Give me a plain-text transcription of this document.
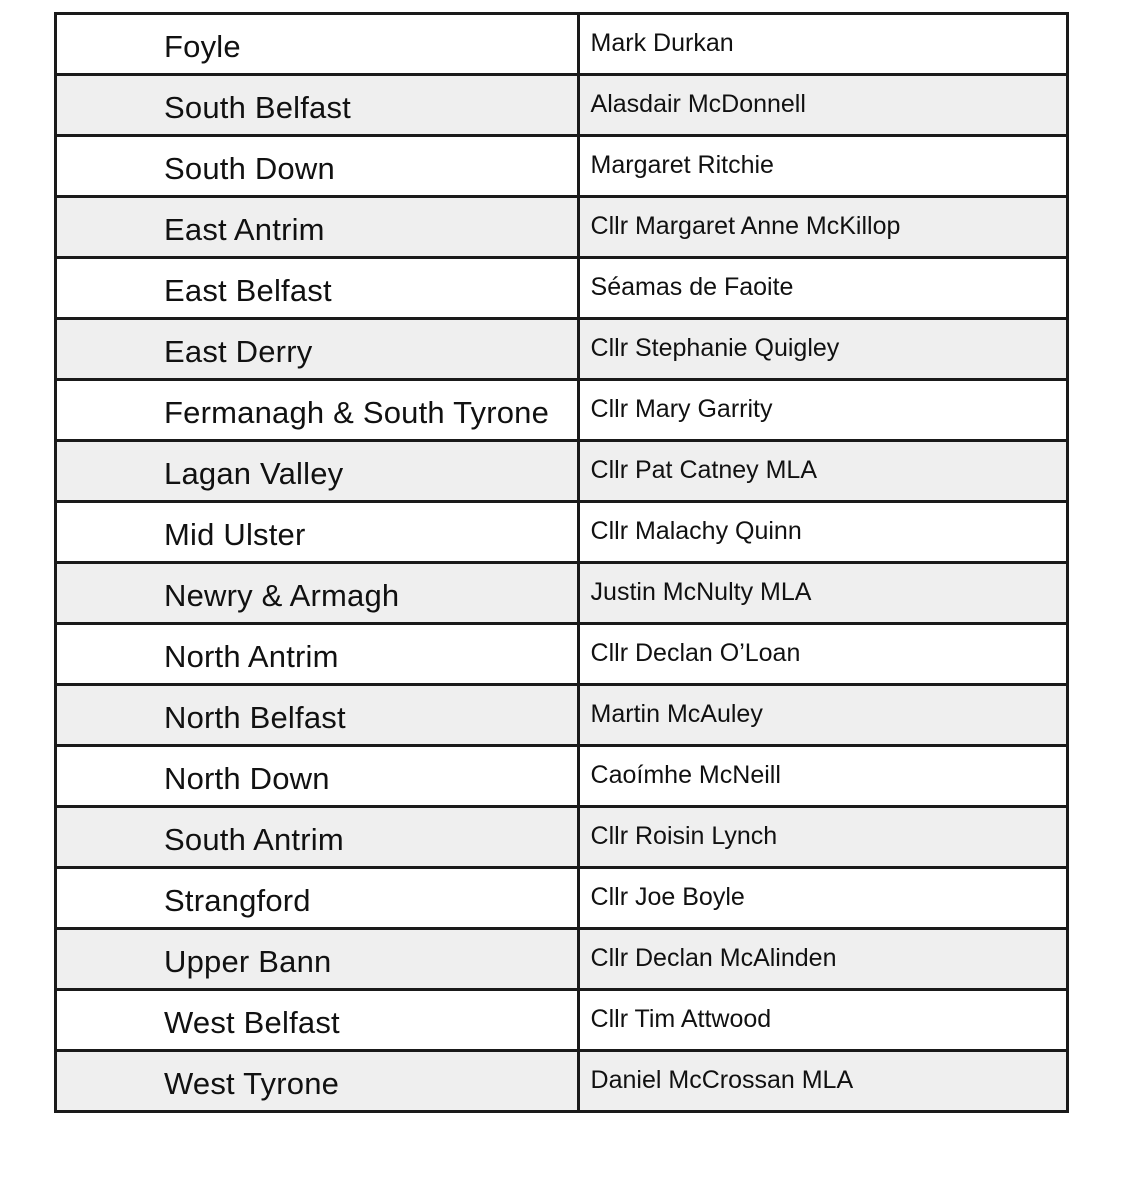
Foyle	Mark Durkan

South Belfast	Alasdair McDonnell

South Down	Margaret Ritchie

East Antrim	Cllr Margaret Anne McKillop

East Belfast	Séamas de Faoite

East Derry	Cllr Stephanie Quigley

Fermanagh & South Tyrone	Cllr Mary Garrity

Lagan Valley	Cllr Pat Catney MLA

Mid Ulster	Cllr Malachy Quinn

Newry & Armagh	Justin McNulty MLA

North Antrim	Cllr Declan O’Loan

North Belfast	Martin McAuley

North Down	Caoímhe McNeill

South Antrim	Cllr Roisin Lynch

Strangford	Cllr Joe Boyle

Upper Bann	Cllr Declan McAlinden

West Belfast	Cllr Tim Attwood

West Tyrone	Daniel McCrossan MLA
